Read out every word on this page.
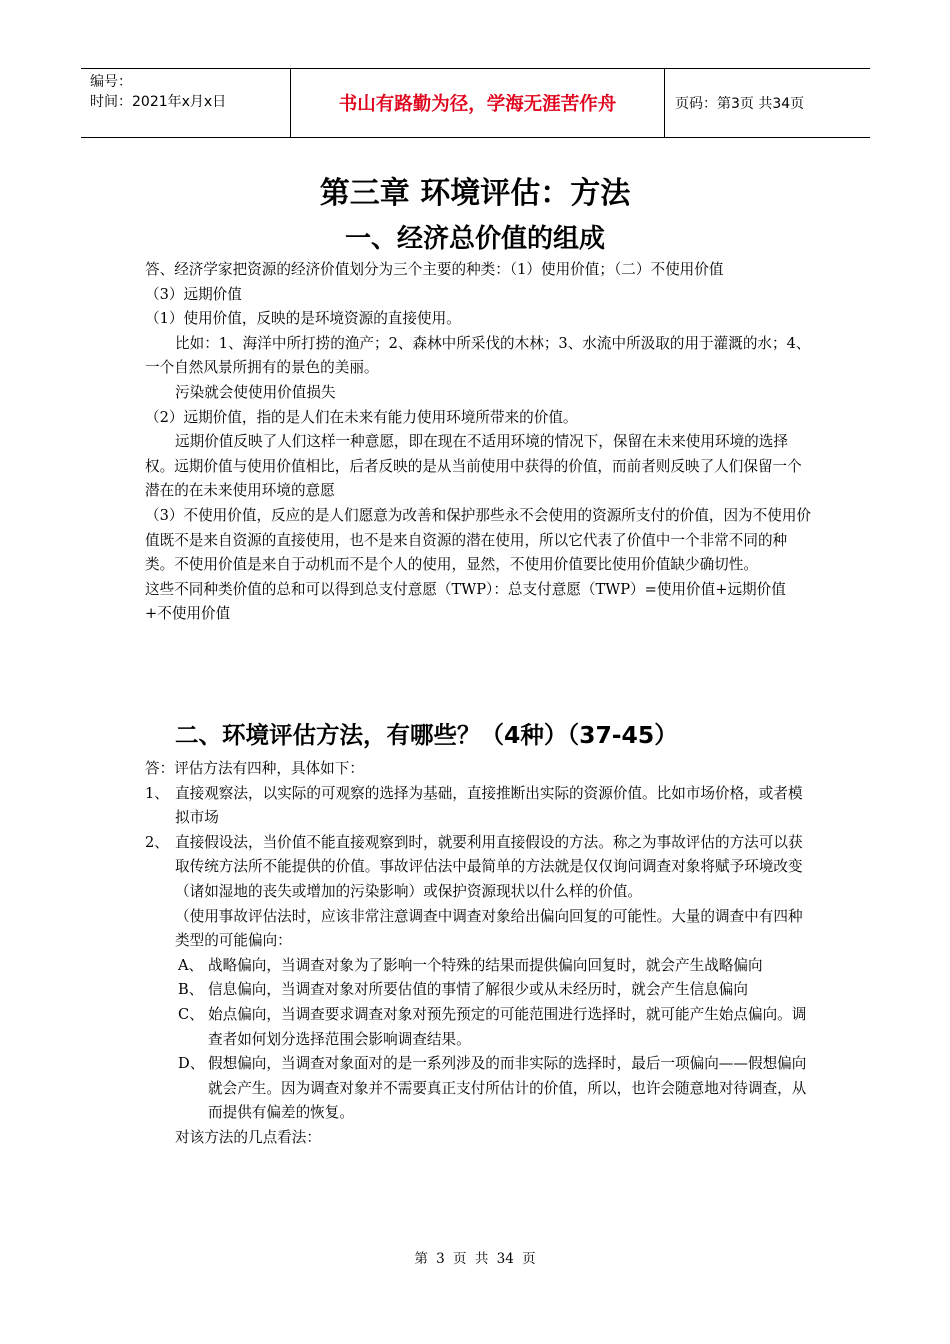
编号：
时间：2021年x月x日	书山有路勤为径，学海无涯苦作舟	页码：第3页 共34页
第三章 环境评估：方法
一、经济总价值的组成

答、经济学家把资源的经济价值划分为三个主要的种类：（1）使用价值；（二）不使用价值

（3）远期价值

（1）使用价值，反映的是环境资源的直接使用。

比如：1、海洋中所打捞的渔产；2、森林中所采伐的木林；3、水流中所汲取的用于灌溉的水；4、一个自然风景所拥有的景色的美丽。

污染就会使使用价值损失

（2）远期价值，指的是人们在未来有能力使用环境所带来的价值。

远期价值反映了人们这样一种意愿，即在现在不适用环境的情况下，保留在未来使用环境的选择权。远期价值与使用价值相比，后者反映的是从当前使用中获得的价值，而前者则反映了人们保留一个潜在的在未来使用环境的意愿

（3）不使用价值，反应的是人们愿意为改善和保护那些永不会使用的资源所支付的价值，因为不使用价值既不是来自资源的直接使用，也不是来自资源的潜在使用，所以它代表了价值中一个非常不同的种类。不使用价值是来自于动机而不是个人的使用，显然，不使用价值要比使用价值缺少确切性。

这些不同种类价值的总和可以得到总支付意愿（TWP）：总支付意愿（TWP）=使用价值+远期价值+不使用价值

二、环境评估方法，有哪些？（4种）（37-45）

答：评估方法有四种，具体如下：

1、 直接观察法，以实际的可观察的选择为基础，直接推断出实际的资源价值。比如市场价格，或者模拟市场
2、 直接假设法，当价值不能直接观察到时，就要利用直接假设的方法。称之为事故评估的方法可以获取传统方法所不能提供的价值。事故评估法中最简单的方法就是仅仅询问调查对象将赋予环境改变（诸如湿地的丧失或增加的污染影响）或保护资源现状以什么样的价值。

（使用事故评估法时，应该非常注意调查中调查对象给出偏向回复的可能性。大量的调查中有四种类型的可能偏向：

A、 战略偏向，当调查对象为了影响一个特殊的结果而提供偏向回复时，就会产生战略偏向
B、 信息偏向，当调查对象对所要估值的事情了解很少或从未经历时，就会产生信息偏向
C、 始点偏向，当调查要求调查对象对预先预定的可能范围进行选择时，就可能产生始点偏向。调查者如何划分选择范围会影响调查结果。
D、 假想偏向，当调查对象面对的是一系列涉及的而非实际的选择时，最后一项偏向——假想偏向就会产生。因为调查对象并不需要真正支付所估计的价值，所以，也许会随意地对待调查，从而提供有偏差的恢复。

对该方法的几点看法：

第 3 页 共 34 页
